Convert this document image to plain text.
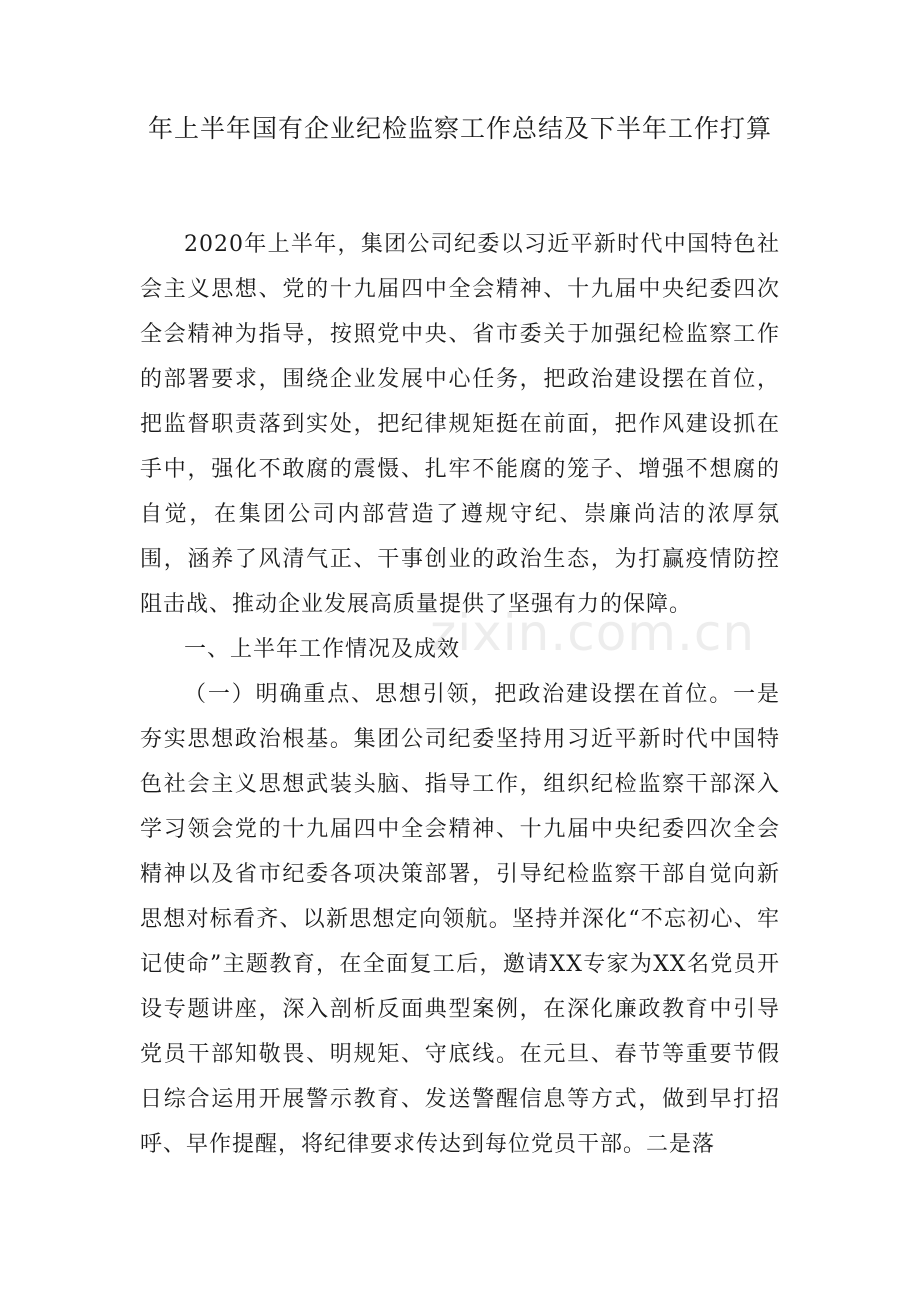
年上半年国有企业纪检监察工作总结及下半年工作打算

2020年上半年，集团公司纪委以习近平新时代中国特色社会主义思想、党的十九届四中全会精神、十九届中央纪委四次全会精神为指导，按照党中央、省市委关于加强纪检监察工作的部署要求，围绕企业发展中心任务，把政治建设摆在首位，把监督职责落到实处，把纪律规矩挺在前面，把作风建设抓在手中，强化不敢腐的震慑、扎牢不能腐的笼子、增强不想腐的自觉，在集团公司内部营造了遵规守纪、崇廉尚洁的浓厚氛围，涵养了风清气正、干事创业的政治生态，为打赢疫情防控阻击战、推动企业发展高质量提供了坚强有力的保障。

一、上半年工作情况及成效

（一）明确重点、思想引领，把政治建设摆在首位。一是夯实思想政治根基。集团公司纪委坚持用习近平新时代中国特色社会主义思想武装头脑、指导工作，组织纪检监察干部深入学习领会党的十九届四中全会精神、十九届中央纪委四次全会精神以及省市纪委各项决策部署，引导纪检监察干部自觉向新思想对标看齐、以新思想定向领航。坚持并深化“不忘初心、牢记使命”主题教育，在全面复工后，邀请XX专家为XX名党员开设专题讲座，深入剖析反面典型案例，在深化廉政教育中引导党员干部知敬畏、明规矩、守底线。在元旦、春节等重要节假日综合运用开展警示教育、发送警醒信息等方式，做到早打招呼、早作提醒，将纪律要求传达到每位党员干部。二是落

zixin.com.cn
